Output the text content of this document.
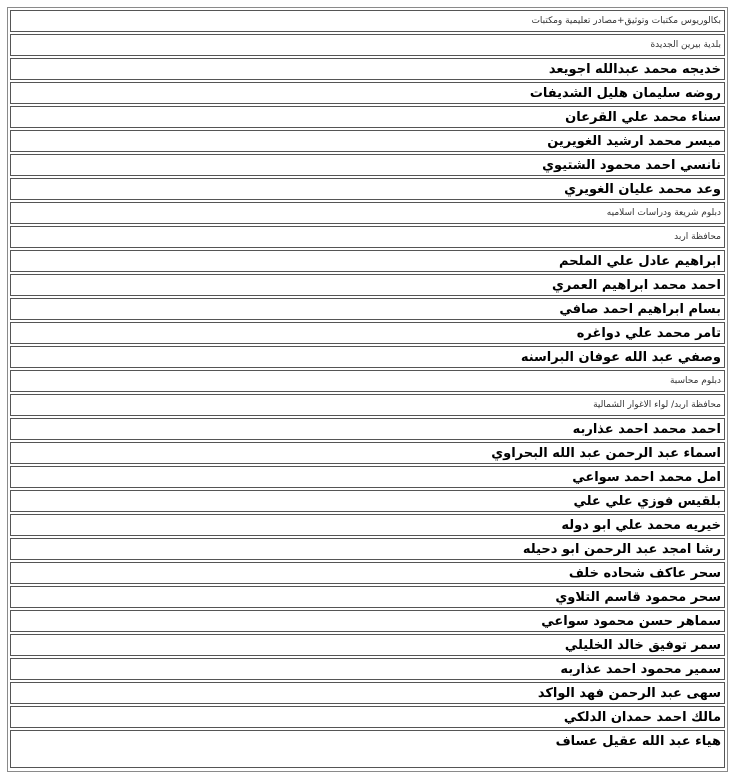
بكالوريوس مكتبات وتوثيق+مصادر تعليمية ومكتبات
بلدية بيرين الجديدة
خديجه محمد عبدالله اجويعد
روضه سليمان هليل الشديفات
سناء محمد علي القرعان
ميسر محمد ارشيد الغويرين
نانسي احمد محمود الشتيوي
وعد محمد عليان الغويري
دبلوم شريعة ودراسات اسلاميه
محافظة اربد
ابراهيم عادل علي الملحم
احمد محمد ابراهيم العمري
بسام ابراهيم احمد صافي
تامر محمد علي دواغره
وصفي عبد الله عوفان البراسنه
دبلوم محاسبة
محافظة اربد/ لواء الاغوار الشمالية
احمد محمد احمد عذاربه
اسماء عبد الرحمن عبد الله البحراوي
امل محمد احمد سواعي
بلقيس فوزي علي علي
خيريه محمد علي ابو دوله
رشا امجد عبد الرحمن ابو دحيله
سحر عاكف شحاده خلف
سحر محمود قاسم التلاوي
سماهر حسن محمود سواعي
سمر توفيق خالد الخليلي
سمير محمود احمد عذاربه
سهى عبد الرحمن فهد الواكد
مالك احمد حمدان الدلكي
هياء عبد الله عقيل عساف
